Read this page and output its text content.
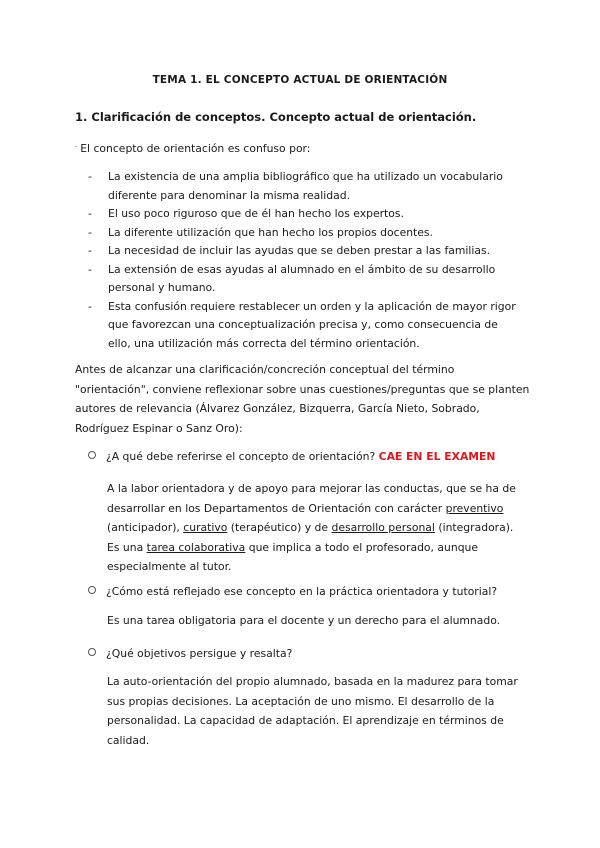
TEMA 1. EL CONCEPTO ACTUAL DE ORIENTACIÓN
1. Clarificación de conceptos. Concepto actual de orientación.
· El concepto de orientación es confuso por:
- La existencia de una amplia bibliográfico que ha utilizado un vocabulario
diferente para denominar la misma realidad.
- El uso poco riguroso que de él han hecho los expertos.
- La diferente utilización que han hecho los propios docentes.
- La necesidad de incluir las ayudas que se deben prestar a las familias.
- La extensión de esas ayudas al alumnado en el ámbito de su desarrollo
personal y humano.
- Esta confusión requiere restablecer un orden y la aplicación de mayor rigor
que favorezcan una conceptualización precisa y, como consecuencia de
ello, una utilización más correcta del término orientación.
Antes de alcanzar una clarificación/concreción conceptual del término
"orientación", conviene reflexionar sobre unas cuestiones/preguntas que se planten
autores de relevancia (Álvarez González, Bizquerra, García Nieto, Sobrado,
Rodríguez Espinar o Sanz Oro):
¿A qué debe referirse el concepto de orientación? CAE EN EL EXAMEN
A la labor orientadora y de apoyo para mejorar las conductas, que se ha de
desarrollar en los Departamentos de Orientación con carácter preventivo
(anticipador), curativo (terapéutico) y de desarrollo personal (integradora).
Es una tarea colaborativa que implica a todo el profesorado, aunque
especialmente al tutor.
¿Cómo está reflejado ese concepto en la práctica orientadora y tutorial?
Es una tarea obligatoria para el docente y un derecho para el alumnado.
¿Qué objetivos persigue y resalta?
La auto-orientación del propio alumnado, basada en la madurez para tomar
sus propias decisiones. La aceptación de uno mismo. El desarrollo de la
personalidad. La capacidad de adaptación. El aprendizaje en términos de
calidad.
